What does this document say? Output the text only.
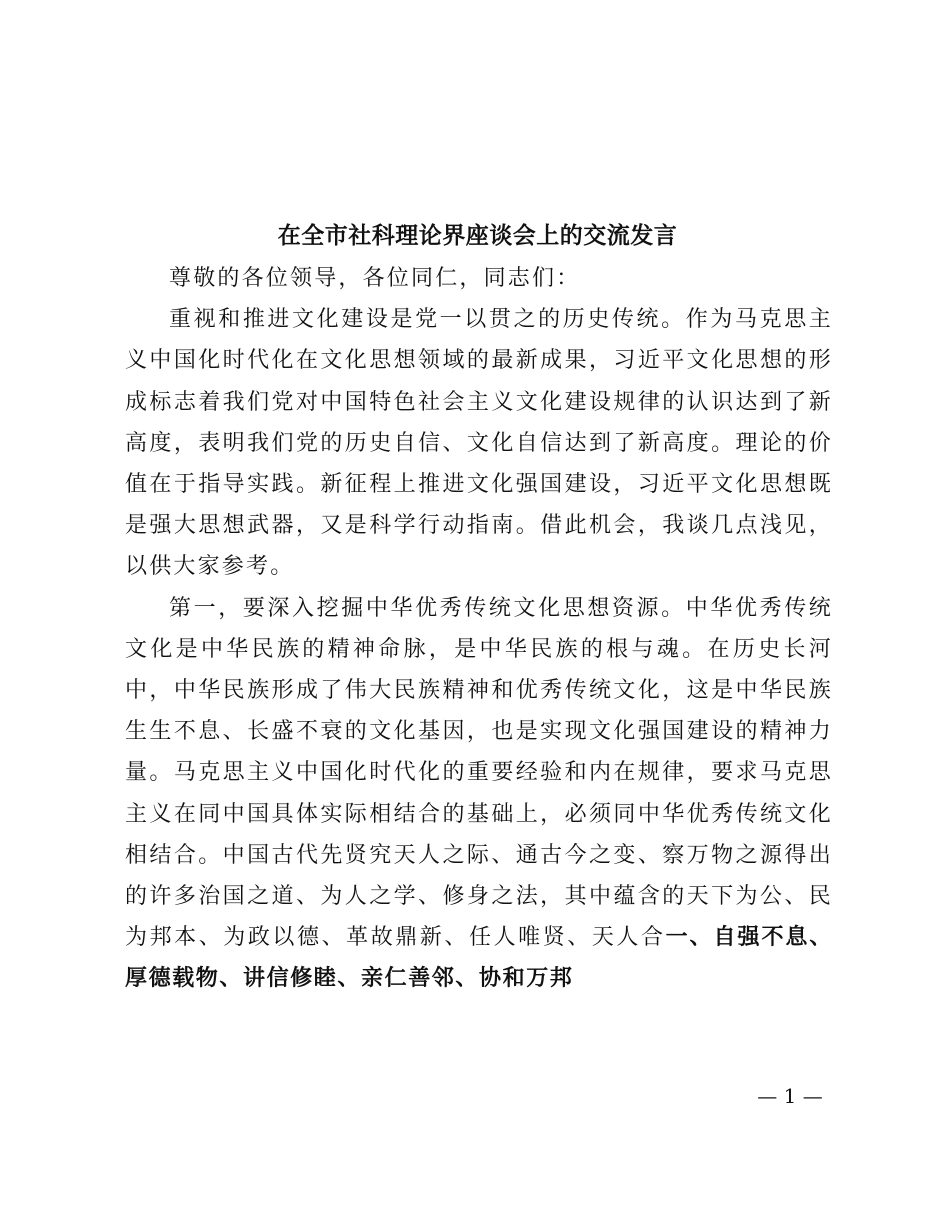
在全市社科理论界座谈会上的交流发言

尊敬的各位领导，各位同仁，同志们：

重视和推进文化建设是党一以贯之的历史传统。作为马克思主义中国化时代化在文化思想领域的最新成果，习近平文化思想的形成标志着我们党对中国特色社会主义文化建设规律的认识达到了新高度，表明我们党的历史自信、文化自信达到了新高度。理论的价值在于指导实践。新征程上推进文化强国建设，习近平文化思想既是强大思想武器，又是科学行动指南。借此机会，我谈几点浅见，以供大家参考。

第一，要深入挖掘中华优秀传统文化思想资源。中华优秀传统文化是中华民族的精神命脉，是中华民族的根与魂。在历史长河中，中华民族形成了伟大民族精神和优秀传统文化，这是中华民族生生不息、长盛不衰的文化基因，也是实现文化强国建设的精神力量。马克思主义中国化时代化的重要经验和内在规律，要求马克思主义在同中国具体实际相结合的基础上，必须同中华优秀传统文化相结合。中国古代先贤究天人之际、通古今之变、察万物之源得出的许多治国之道、为人之学、修身之法，其中蕴含的天下为公、民为邦本、为政以德、革故鼎新、任人唯贤、天人合一、自强不息、厚德载物、讲信修睦、亲仁善邻、协和万邦

— 1 —
